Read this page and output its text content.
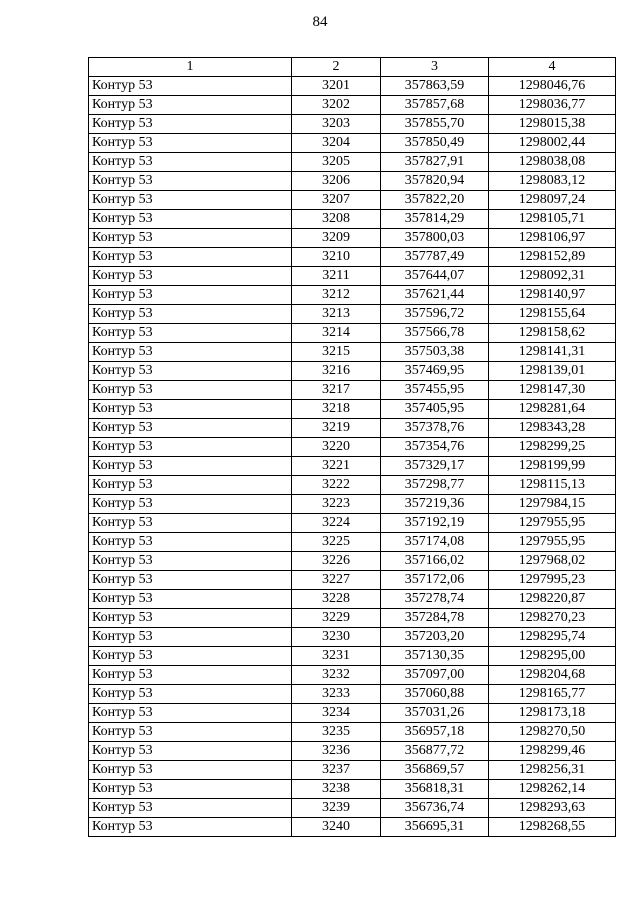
84
1	2	3	4
Контур 53	3201	357863,59	1298046,76
Контур 53	3202	357857,68	1298036,77
Контур 53	3203	357855,70	1298015,38
Контур 53	3204	357850,49	1298002,44
Контур 53	3205	357827,91	1298038,08
Контур 53	3206	357820,94	1298083,12
Контур 53	3207	357822,20	1298097,24
Контур 53	3208	357814,29	1298105,71
Контур 53	3209	357800,03	1298106,97
Контур 53	3210	357787,49	1298152,89
Контур 53	3211	357644,07	1298092,31
Контур 53	3212	357621,44	1298140,97
Контур 53	3213	357596,72	1298155,64
Контур 53	3214	357566,78	1298158,62
Контур 53	3215	357503,38	1298141,31
Контур 53	3216	357469,95	1298139,01
Контур 53	3217	357455,95	1298147,30
Контур 53	3218	357405,95	1298281,64
Контур 53	3219	357378,76	1298343,28
Контур 53	3220	357354,76	1298299,25
Контур 53	3221	357329,17	1298199,99
Контур 53	3222	357298,77	1298115,13
Контур 53	3223	357219,36	1297984,15
Контур 53	3224	357192,19	1297955,95
Контур 53	3225	357174,08	1297955,95
Контур 53	3226	357166,02	1297968,02
Контур 53	3227	357172,06	1297995,23
Контур 53	3228	357278,74	1298220,87
Контур 53	3229	357284,78	1298270,23
Контур 53	3230	357203,20	1298295,74
Контур 53	3231	357130,35	1298295,00
Контур 53	3232	357097,00	1298204,68
Контур 53	3233	357060,88	1298165,77
Контур 53	3234	357031,26	1298173,18
Контур 53	3235	356957,18	1298270,50
Контур 53	3236	356877,72	1298299,46
Контур 53	3237	356869,57	1298256,31
Контур 53	3238	356818,31	1298262,14
Контур 53	3239	356736,74	1298293,63
Контур 53	3240	356695,31	1298268,55
